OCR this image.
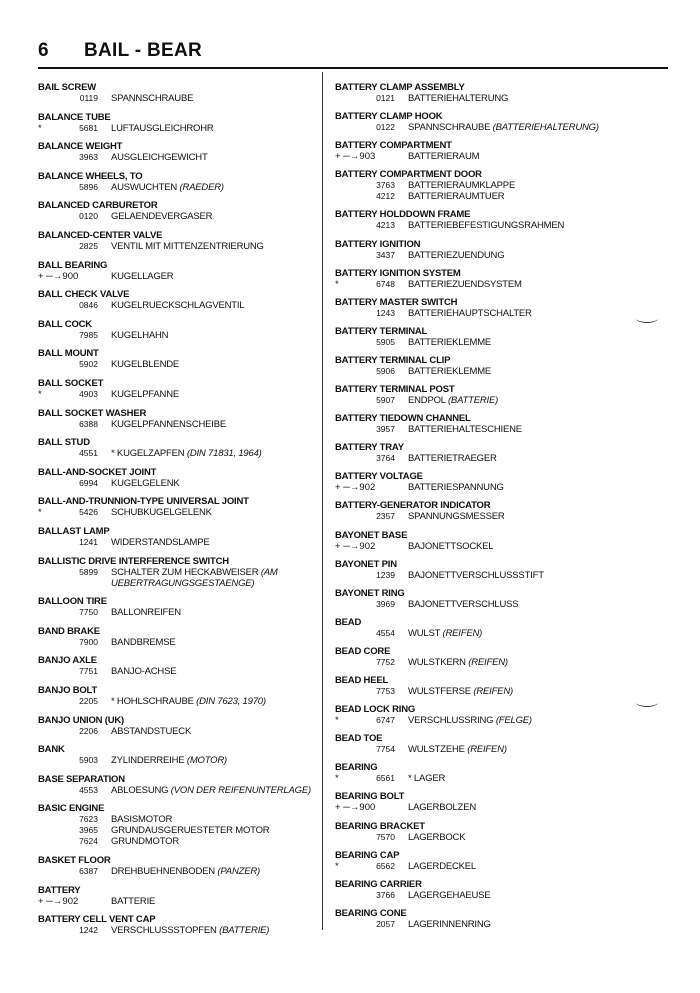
6 BAIL - BEAR
BAIL SCREW
0119 SPANNSCHRAUBE
BALANCE TUBE
*	5681 LUFTAUSGLEICHROHR
BALANCE WEIGHT
3963 AUSGLEICHGEWICHT
BALANCE WHEELS, TO
5896 AUSWUCHTEN (RAEDER)
BALANCED CARBURETOR
0120 GELAENDEVERGASER
BALANCED-CENTER VALVE
2825 VENTIL MIT MITTENZENTRIERUNG
BALL BEARING
+ ─→900	KUGELLAGER
BALL CHECK VALVE
0846 KUGELRUECKSCHLAGVENTIL
BALL COCK
7985 KUGELHAHN
BALL MOUNT
5902 KUGELBLENDE
BALL SOCKET
*	4903 KUGELPFANNE
BALL SOCKET WASHER
6388 KUGELPFANNENSCHEIBE
BALL STUD
4551 * KUGELZAPFEN (DIN 71831, 1964)
BALL-AND-SOCKET JOINT
6994 KUGELGELENK
BALL-AND-TRUNNION-TYPE UNIVERSAL JOINT
*	5426 SCHUBKUGELGELENK
BALLAST LAMP
1241 WIDERSTANDSLAMPE
BALLISTIC DRIVE INTERFERENCE SWITCH
5899 SCHALTER ZUM HECKABWEISER (AM
UEBERTRAGUNGSGESTAENGE)
BALLOON TIRE
7750 BALLONREIFEN
BAND BRAKE
7900 BANDBREMSE
BANJO AXLE
7751 BANJO-ACHSE
BANJO BOLT
2205 * HOHLSCHRAUBE (DIN 7623, 1970)
BANJO UNION (UK)
2206 ABSTANDSTUECK
BANK
5903 ZYLINDERREIHE (MOTOR)
BASE SEPARATION
4553 ABLOESUNG (VON DER REIFENUNTERLAGE)
BASIC ENGINE
7623 BASISMOTOR
3965 GRUNDAUSGERUESTETER MOTOR
7624 GRUNDMOTOR
BASKET FLOOR
6387 DREHBUEHNENBODEN (PANZER)
BATTERY
+ ─→902	BATTERIE
BATTERY CELL VENT CAP
1242 VERSCHLUSSSTOPFEN (BATTERIE)
BATTERY CLAMP ASSEMBLY
0121 BATTERIEHALTERUNG
BATTERY CLAMP HOOK
0122 SPANNSCHRAUBE (BATTERIEHALTERUNG)
BATTERY COMPARTMENT
+ ─→903	BATTERIERAUM
BATTERY COMPARTMENT DOOR
3763 BATTERIERAUMKLAPPE
4212 BATTERIERAUMTUER
BATTERY HOLDDOWN FRAME
4213 BATTERIEBEFESTIGUNGSRAHMEN
BATTERY IGNITION
3437 BATTERIEZUENDUNG
BATTERY IGNITION SYSTEM
*	6748 BATTERIEZUENDSYSTEM
BATTERY MASTER SWITCH
1243 BATTERIEHAUPTSCHALTER
BATTERY TERMINAL
5905 BATTERIEKLEMME
BATTERY TERMINAL CLIP
5906 BATTERIEKLEMME
BATTERY TERMINAL POST
5907 ENDPOL (BATTERIE)
BATTERY TIEDOWN CHANNEL
3957 BATTERIEHALTESCHIENE
BATTERY TRAY
3764 BATTERIETRAEGER
BATTERY VOLTAGE
+ ─→902	BATTERIESPANNUNG
BATTERY-GENERATOR INDICATOR
2357 SPANNUNGSMESSER
BAYONET BASE
+ ─→902	BAJONETTSOCKEL
BAYONET PIN
1239 BAJONETTVERSCHLUSSSTIFT
BAYONET RING
3969 BAJONETTVERSCHLUSS
BEAD
4554 WULST (REIFEN)
BEAD CORE
7752 WULSTKERN (REIFEN)
BEAD HEEL
7753 WULSTFERSE (REIFEN)
BEAD LOCK RING
*	6747 VERSCHLUSSRING (FELGE)
BEAD TOE
7754 WULSTZEHE (REIFEN)
BEARING
*	6561 * LAGER
BEARING BOLT
+ ─→900	LAGERBOLZEN
BEARING BRACKET
7570 LAGERBOCK
BEARING CAP
*	6562 LAGERDECKEL
BEARING CARRIER
3766 LAGERGEHAEUSE
BEARING CONE
2057 LAGERINNENRING
